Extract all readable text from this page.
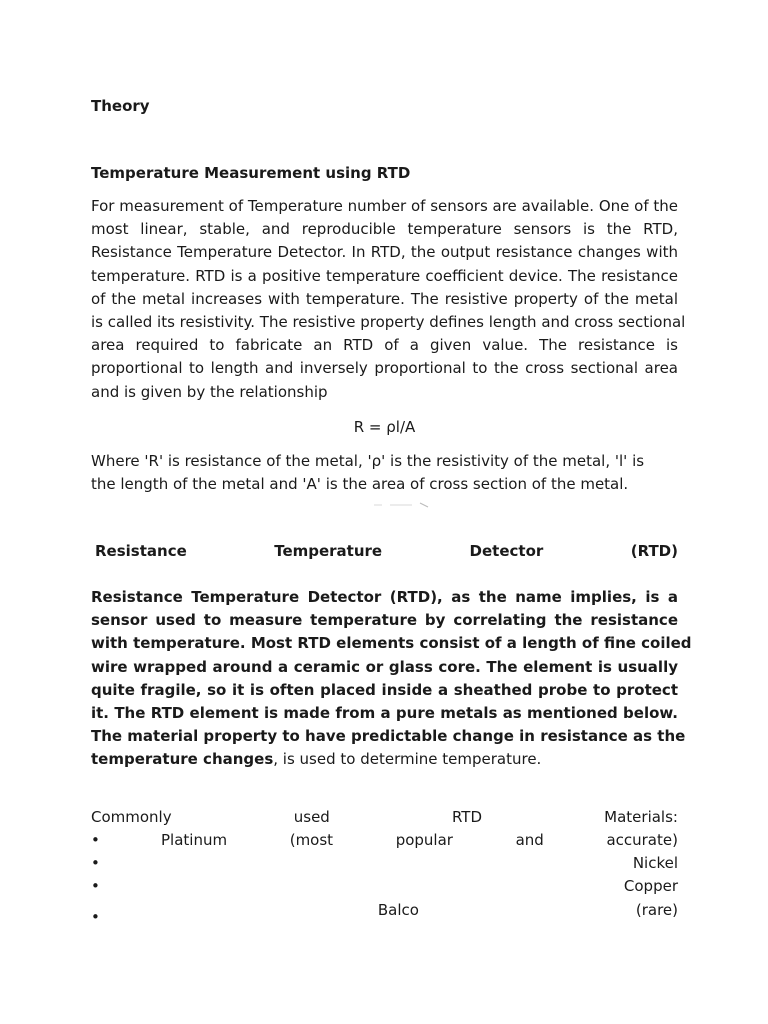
Theory
Temperature Measurement using RTD
For measurement of Temperature number of sensors are available. One of the
most linear, stable, and reproducible temperature sensors is the RTD,
Resistance Temperature Detector. In RTD, the output resistance changes with
temperature. RTD is a positive temperature coefficient device. The resistance
of the metal increases with temperature. The resistive property of the metal
is called its resistivity. The resistive property defines length and cross sectional
area required to fabricate an RTD of a given value. The resistance is
proportional to length and inversely proportional to the cross sectional area
and is given by the relationship
R = ρl/A
Where 'R' is resistance of the metal, 'ρ' is the resistivity of the metal, 'l' is
the length of the metal and 'A' is the area of cross section of the metal.
Resistance	Temperature	Detector	(RTD)
Resistance Temperature Detector (RTD), as the name implies, is a
sensor used to measure temperature by correlating the resistance
with temperature. Most RTD elements consist of a length of fine coiled
wire wrapped around a ceramic or glass core. The element is usually
quite fragile, so it is often placed inside a sheathed probe to protect
it. The RTD element is made from a pure metals as mentioned below.
The material property to have predictable change in resistance as the
temperature changes, is used to determine temperature.
Commonly	used	RTD	Materials:
•	Platinum	(most	popular	and	accurate)
•	Nickel
•	Copper
•	Balco	(rare)
